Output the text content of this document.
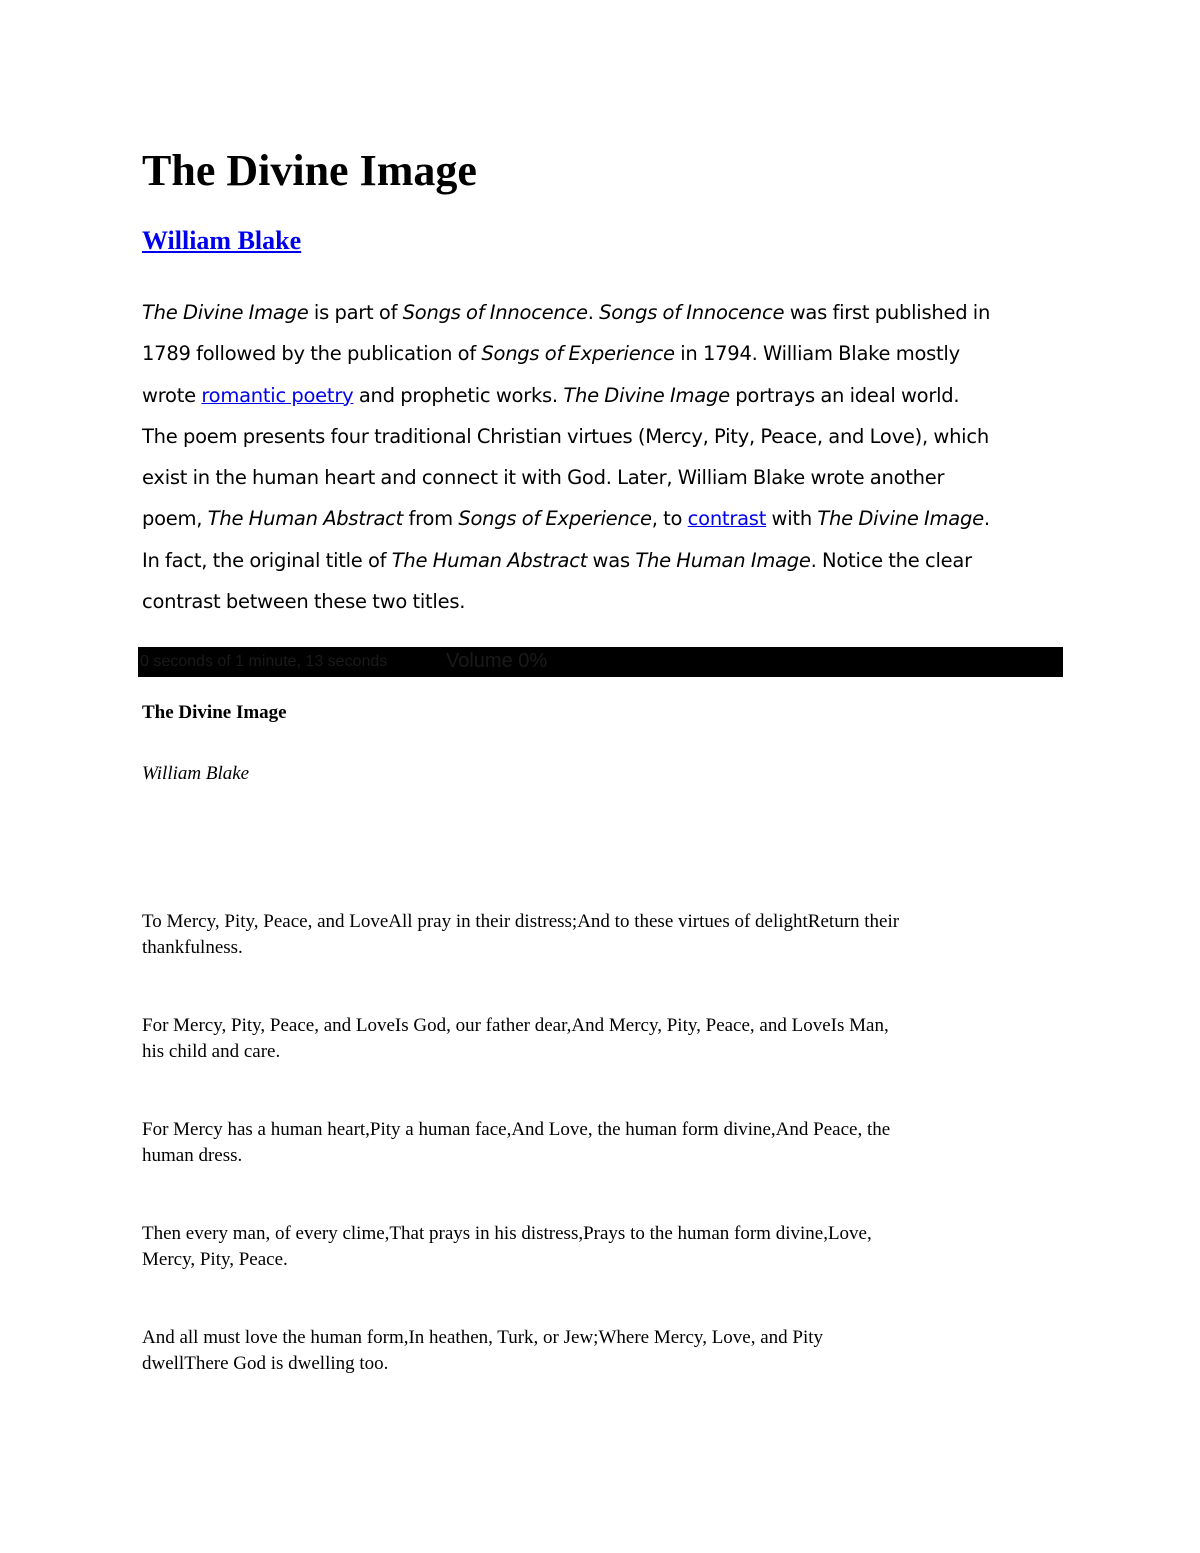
The Divine Image
William Blake

The Divine Image is part of Songs of Innocence. Songs of Innocence was first published in
1789 followed by the publication of Songs of Experience in 1794. William Blake mostly
wrote romantic poetry and prophetic works. The Divine Image portrays an ideal world.
The poem presents four traditional Christian virtues (Mercy, Pity, Peace, and Love), which
exist in the human heart and connect it with God. Later, William Blake wrote another
poem, The Human Abstract from Songs of Experience, to contrast with The Divine Image.
In fact, the original title of The Human Abstract was The Human Image. Notice the clear
contrast between these two titles.

0 seconds of 1 minute, 13 seconds	Volume 0%
The Divine Image
William Blake

To Mercy, Pity, Peace, and LoveAll pray in their distress;And to these virtues of delightReturn their
thankfulness.

For Mercy, Pity, Peace, and LoveIs God, our father dear,And Mercy, Pity, Peace, and LoveIs Man,
his child and care.

For Mercy has a human heart,Pity a human face,And Love, the human form divine,And Peace, the
human dress.

Then every man, of every clime,That prays in his distress,Prays to the human form divine,Love,
Mercy, Pity, Peace.

And all must love the human form,In heathen, Turk, or Jew;Where Mercy, Love, and Pity
dwellThere God is dwelling too.
